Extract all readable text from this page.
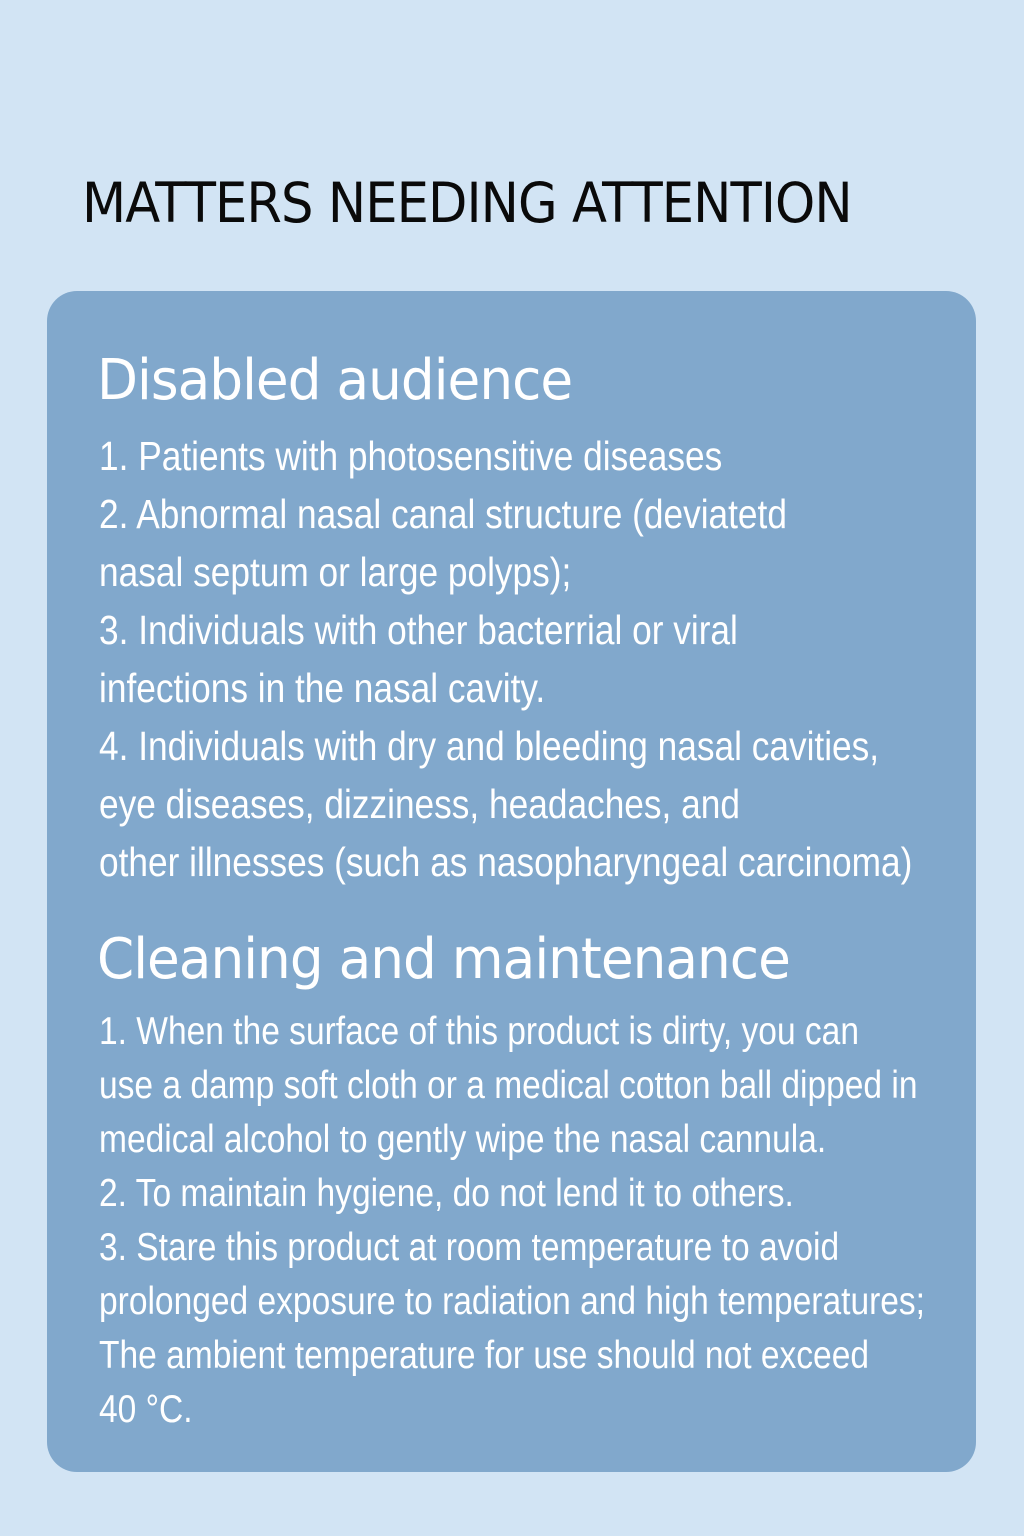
MATTERS NEEDING ATTENTION
Disabled audience
1. Patients with photosensitive diseases
2. Abnormal nasal canal structure (deviatetd
nasal septum or large polyps);
3. Individuals with other bacterrial or viral
infections in the nasal cavity.
4. Individuals with dry and bleeding nasal cavities,
eye diseases, dizziness, headaches, and
other illnesses (such as nasopharyngeal carcinoma)
Cleaning and maintenance
1. When the surface of this product is dirty, you can
use a damp soft cloth or a medical cotton ball dipped in
medical alcohol to gently wipe the nasal cannula.
2. To maintain hygiene, do not lend it to others.
3. Stare this product at room temperature to avoid
prolonged exposure to radiation and high temperatures;
The ambient temperature for use should not exceed
40 °C.
